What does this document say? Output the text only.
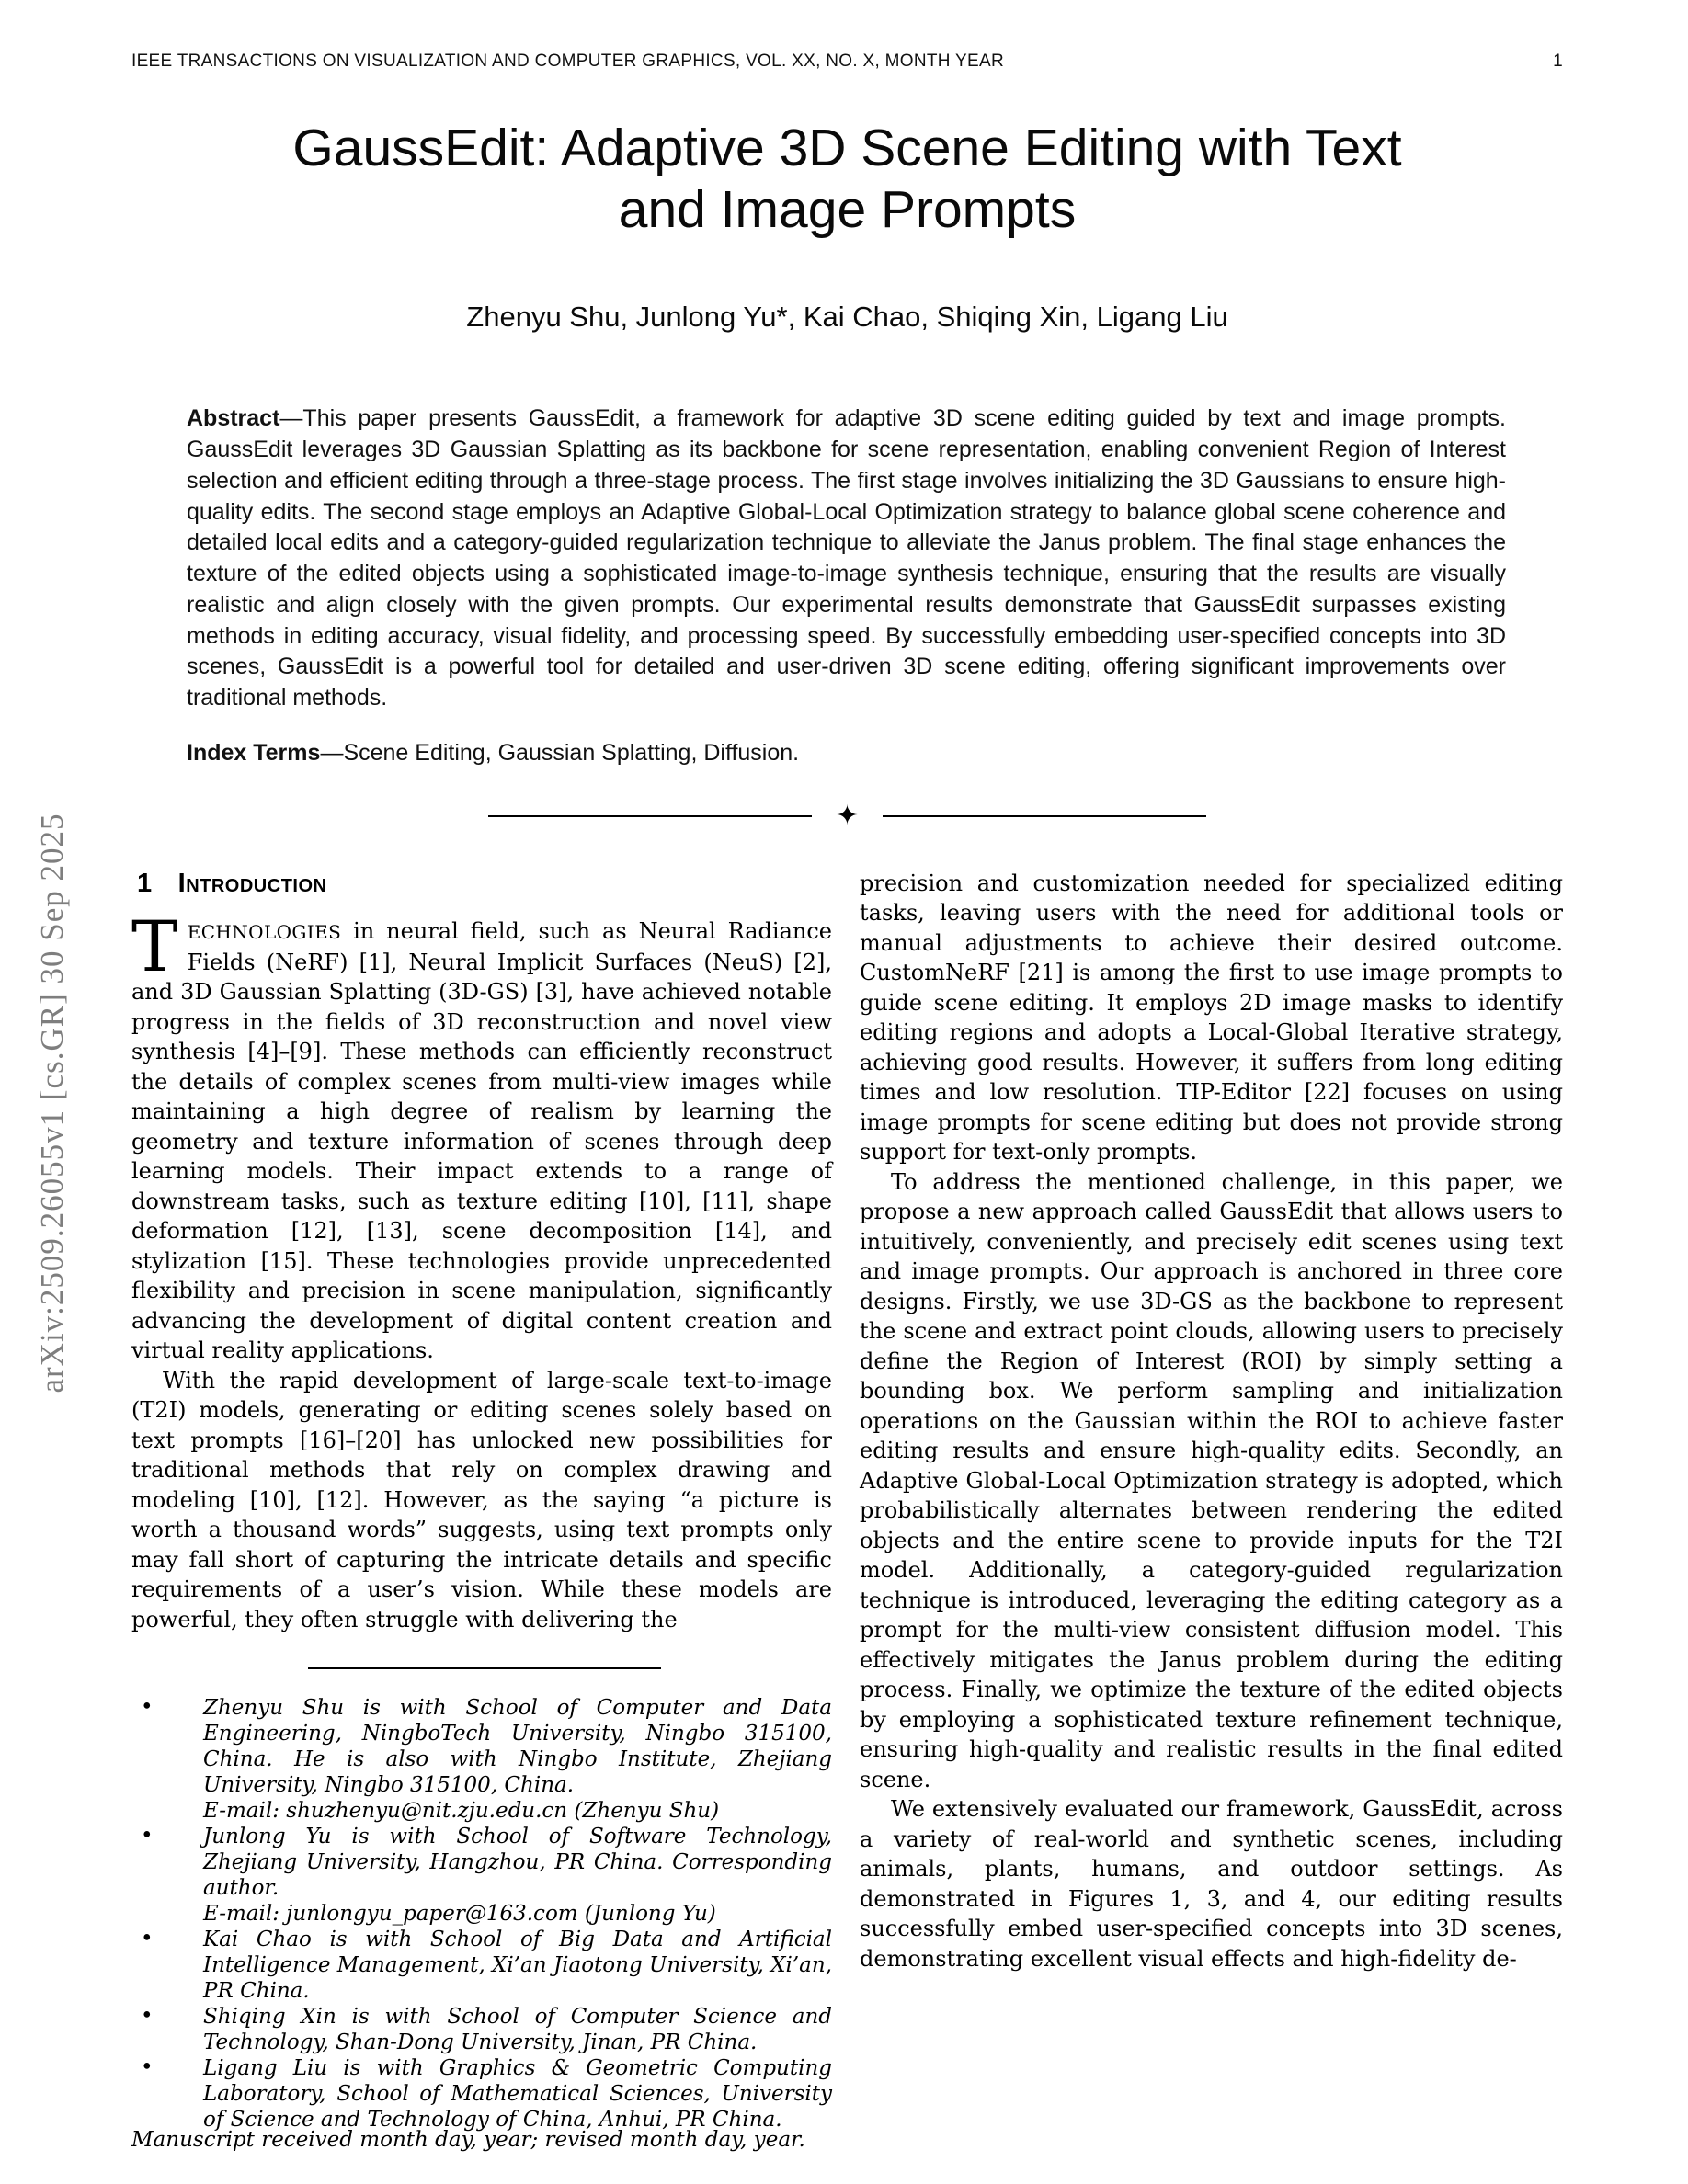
arXiv:2509.26055v1 [cs.GR] 30 Sep 2025
IEEE TRANSACTIONS ON VISUALIZATION AND COMPUTER GRAPHICS, VOL. XX, NO. X, MONTH YEAR	1
GaussEdit: Adaptive 3D Scene Editing with Text
and Image Prompts
Zhenyu Shu, Junlong Yu*, Kai Chao, Shiqing Xin, Ligang Liu
Abstract—This paper presents GaussEdit, a framework for adaptive 3D scene editing guided by text and image prompts. GaussEdit leverages 3D Gaussian Splatting as its backbone for scene representation, enabling convenient Region of Interest selection and efficient editing through a three-stage process. The first stage involves initializing the 3D Gaussians to ensure high-quality edits. The second stage employs an Adaptive Global-Local Optimization strategy to balance global scene coherence and detailed local edits and a category-guided regularization technique to alleviate the Janus problem. The final stage enhances the texture of the edited objects using a sophisticated image-to-image synthesis technique, ensuring that the results are visually realistic and align closely with the given prompts. Our experimental results demonstrate that GaussEdit surpasses existing methods in editing accuracy, visual fidelity, and processing speed. By successfully embedding user-specified concepts into 3D scenes, GaussEdit is a powerful tool for detailed and user-driven 3D scene editing, offering significant improvements over traditional methods.
Index Terms—Scene Editing, Gaussian Splatting, Diffusion.
✦
1 Introduction

TECHNOLOGIES in neural field, such as Neural Radiance Fields (NeRF) [1], Neural Implicit Surfaces (NeuS) [2], and 3D Gaussian Splatting (3D-GS) [3], have achieved notable progress in the fields of 3D reconstruction and novel view synthesis [4]–[9]. These methods can efficiently reconstruct the details of complex scenes from multi-view images while maintaining a high degree of realism by learning the geometry and texture information of scenes through deep learning models. Their impact extends to a range of downstream tasks, such as texture editing [10], [11], shape deformation [12], [13], scene decomposition [14], and stylization [15]. These technologies provide unprecedented flexibility and precision in scene manipulation, significantly advancing the development of digital content creation and virtual reality applications.

With the rapid development of large-scale text-to-image (T2I) models, generating or editing scenes solely based on text prompts [16]–[20] has unlocked new possibilities for traditional methods that rely on complex drawing and modeling [10], [12]. However, as the saying “a picture is worth a thousand words” suggests, using text prompts only may fall short of capturing the intricate details and specific requirements of a user’s vision. While these models are powerful, they often struggle with delivering the

• Zhenyu Shu is with School of Computer and Data Engineering, NingboTech University, Ningbo 315100, China. He is also with Ningbo Institute, Zhejiang University, Ningbo 315100, China.
E-mail: shuzhenyu@nit.zju.edu.cn (Zhenyu Shu)
• Junlong Yu is with School of Software Technology, Zhejiang University, Hangzhou, PR China. Corresponding author.
E-mail: junlongyu_paper@163.com (Junlong Yu)
• Kai Chao is with School of Big Data and Artificial Intelligence Management, Xi’an Jiaotong University, Xi’an, PR China.
• Shiqing Xin is with School of Computer Science and Technology, Shan-Dong University, Jinan, PR China.
• Ligang Liu is with Graphics & Geometric Computing Laboratory, School of Mathematical Sciences, University of Science and Technology of China, Anhui, PR China.
Manuscript received month day, year; revised month day, year.

precision and customization needed for specialized editing tasks, leaving users with the need for additional tools or manual adjustments to achieve their desired outcome. CustomNeRF [21] is among the first to use image prompts to guide scene editing. It employs 2D image masks to identify editing regions and adopts a Local-Global Iterative strategy, achieving good results. However, it suffers from long editing times and low resolution. TIP-Editor [22] focuses on using image prompts for scene editing but does not provide strong support for text-only prompts.

To address the mentioned challenge, in this paper, we propose a new approach called GaussEdit that allows users to intuitively, conveniently, and precisely edit scenes using text and image prompts. Our approach is anchored in three core designs. Firstly, we use 3D-GS as the backbone to represent the scene and extract point clouds, allowing users to precisely define the Region of Interest (ROI) by simply setting a bounding box. We perform sampling and initialization operations on the Gaussian within the ROI to achieve faster editing results and ensure high-quality edits. Secondly, an Adaptive Global-Local Optimization strategy is adopted, which probabilistically alternates between rendering the edited objects and the entire scene to provide inputs for the T2I model. Additionally, a category-guided regularization technique is introduced, leveraging the editing category as a prompt for the multi-view consistent diffusion model. This effectively mitigates the Janus problem during the editing process. Finally, we optimize the texture of the edited objects by employing a sophisticated texture refinement technique, ensuring high-quality and realistic results in the final edited scene.

We extensively evaluated our framework, GaussEdit, across a variety of real-world and synthetic scenes, including animals, plants, humans, and outdoor settings. As demonstrated in Figures 1, 3, and 4, our editing results successfully embed user-specified concepts into 3D scenes, demonstrating excellent visual effects and high-fidelity de-
